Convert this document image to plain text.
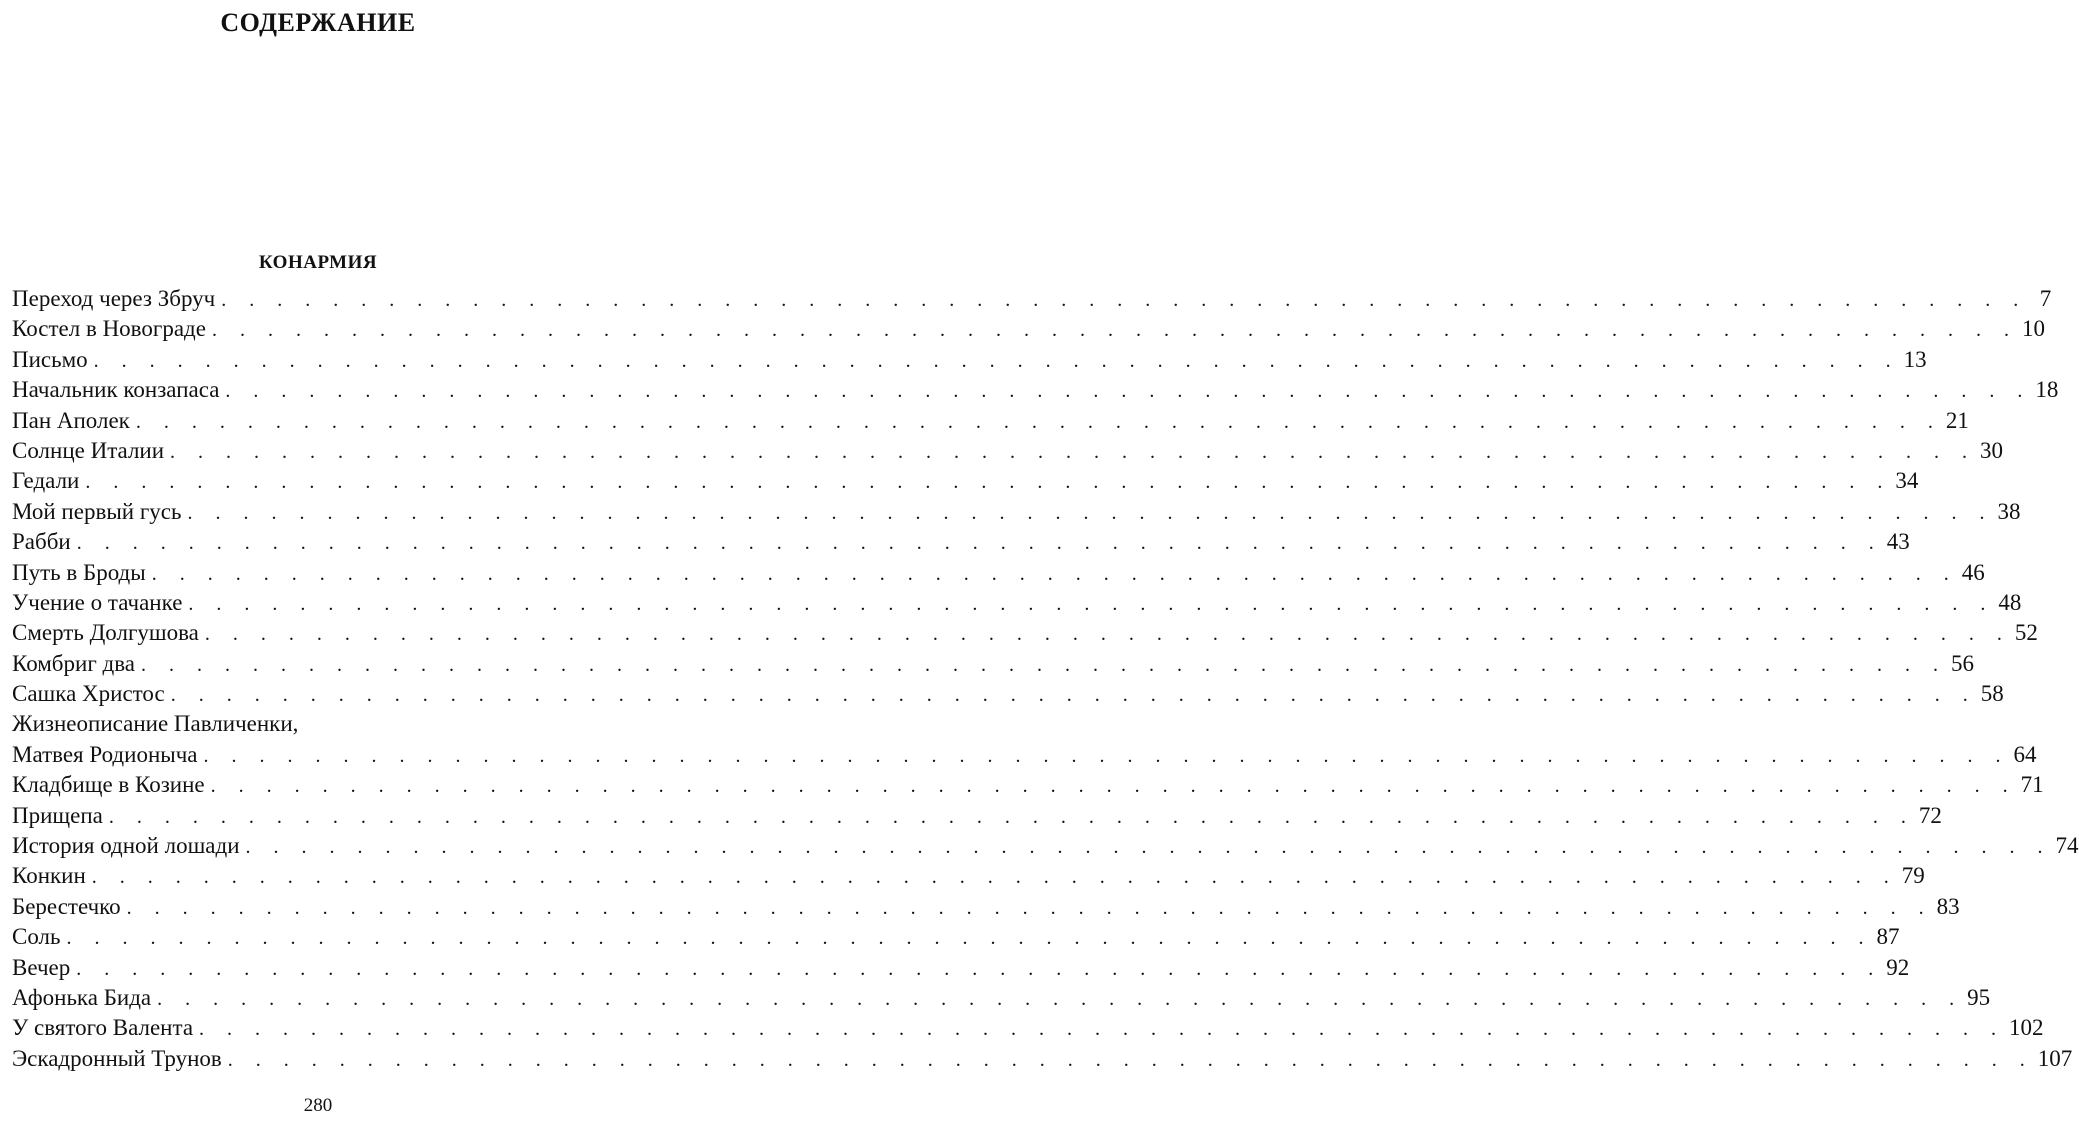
СОДЕРЖАНИЕ
КОНАРМИЯ
Переход через Збруч . . . . . . . . . . . . . . . . . . . . . . . . . . . . . . . . . . . . . . . . . . . . . . . . . . . . . . . . . . . . . . . . . 7
Костел в Новограде . . . . . . . . . . . . . . . . . . . . . . . . . . . . . . . . . . . . . . . . . . . . . . . . . . . . . . . . . . . . . . . . . 10
Письмо . . . . . . . . . . . . . . . . . . . . . . . . . . . . . . . . . . . . . . . . . . . . . . . . . . . . . . . . . . . . . . . . . 13
Начальник конзапаса . . . . . . . . . . . . . . . . . . . . . . . . . . . . . . . . . . . . . . . . . . . . . . . . . . . . . . . . . . . . . . . . . 18
Пан Аполек . . . . . . . . . . . . . . . . . . . . . . . . . . . . . . . . . . . . . . . . . . . . . . . . . . . . . . . . . . . . . . . . . 21
Солнце Италии . . . . . . . . . . . . . . . . . . . . . . . . . . . . . . . . . . . . . . . . . . . . . . . . . . . . . . . . . . . . . . . . . 30
Гедали . . . . . . . . . . . . . . . . . . . . . . . . . . . . . . . . . . . . . . . . . . . . . . . . . . . . . . . . . . . . . . . . . 34
Мой первый гусь . . . . . . . . . . . . . . . . . . . . . . . . . . . . . . . . . . . . . . . . . . . . . . . . . . . . . . . . . . . . . . . . . 38
Рабби . . . . . . . . . . . . . . . . . . . . . . . . . . . . . . . . . . . . . . . . . . . . . . . . . . . . . . . . . . . . . . . . . 43
Путь в Броды . . . . . . . . . . . . . . . . . . . . . . . . . . . . . . . . . . . . . . . . . . . . . . . . . . . . . . . . . . . . . . . . . 46
Учение о тачанке . . . . . . . . . . . . . . . . . . . . . . . . . . . . . . . . . . . . . . . . . . . . . . . . . . . . . . . . . . . . . . . . . 48
Смерть Долгушова . . . . . . . . . . . . . . . . . . . . . . . . . . . . . . . . . . . . . . . . . . . . . . . . . . . . . . . . . . . . . . . . . 52
Комбриг два . . . . . . . . . . . . . . . . . . . . . . . . . . . . . . . . . . . . . . . . . . . . . . . . . . . . . . . . . . . . . . . . . 56
Сашка Христос . . . . . . . . . . . . . . . . . . . . . . . . . . . . . . . . . . . . . . . . . . . . . . . . . . . . . . . . . . . . . . . . . 58
Жизнеописание Павличенки,
Матвея Родионыча . . . . . . . . . . . . . . . . . . . . . . . . . . . . . . . . . . . . . . . . . . . . . . . . . . . . . . . . . . . . . . . . . 64
Кладбище в Козине . . . . . . . . . . . . . . . . . . . . . . . . . . . . . . . . . . . . . . . . . . . . . . . . . . . . . . . . . . . . . . . . . 71
Прищепа . . . . . . . . . . . . . . . . . . . . . . . . . . . . . . . . . . . . . . . . . . . . . . . . . . . . . . . . . . . . . . . . . 72
История одной лошади . . . . . . . . . . . . . . . . . . . . . . . . . . . . . . . . . . . . . . . . . . . . . . . . . . . . . . . . . . . . . . . . . 74
Конкин . . . . . . . . . . . . . . . . . . . . . . . . . . . . . . . . . . . . . . . . . . . . . . . . . . . . . . . . . . . . . . . . . 79
Берестечко . . . . . . . . . . . . . . . . . . . . . . . . . . . . . . . . . . . . . . . . . . . . . . . . . . . . . . . . . . . . . . . . . 83
Соль . . . . . . . . . . . . . . . . . . . . . . . . . . . . . . . . . . . . . . . . . . . . . . . . . . . . . . . . . . . . . . . . . 87
Вечер . . . . . . . . . . . . . . . . . . . . . . . . . . . . . . . . . . . . . . . . . . . . . . . . . . . . . . . . . . . . . . . . . 92
Афонька Бида . . . . . . . . . . . . . . . . . . . . . . . . . . . . . . . . . . . . . . . . . . . . . . . . . . . . . . . . . . . . . . . . . 95
У святого Валента . . . . . . . . . . . . . . . . . . . . . . . . . . . . . . . . . . . . . . . . . . . . . . . . . . . . . . . . . . . . . . . . . 102
Эскадронный Трунов . . . . . . . . . . . . . . . . . . . . . . . . . . . . . . . . . . . . . . . . . . . . . . . . . . . . . . . . . . . . . . . . . 107
280
